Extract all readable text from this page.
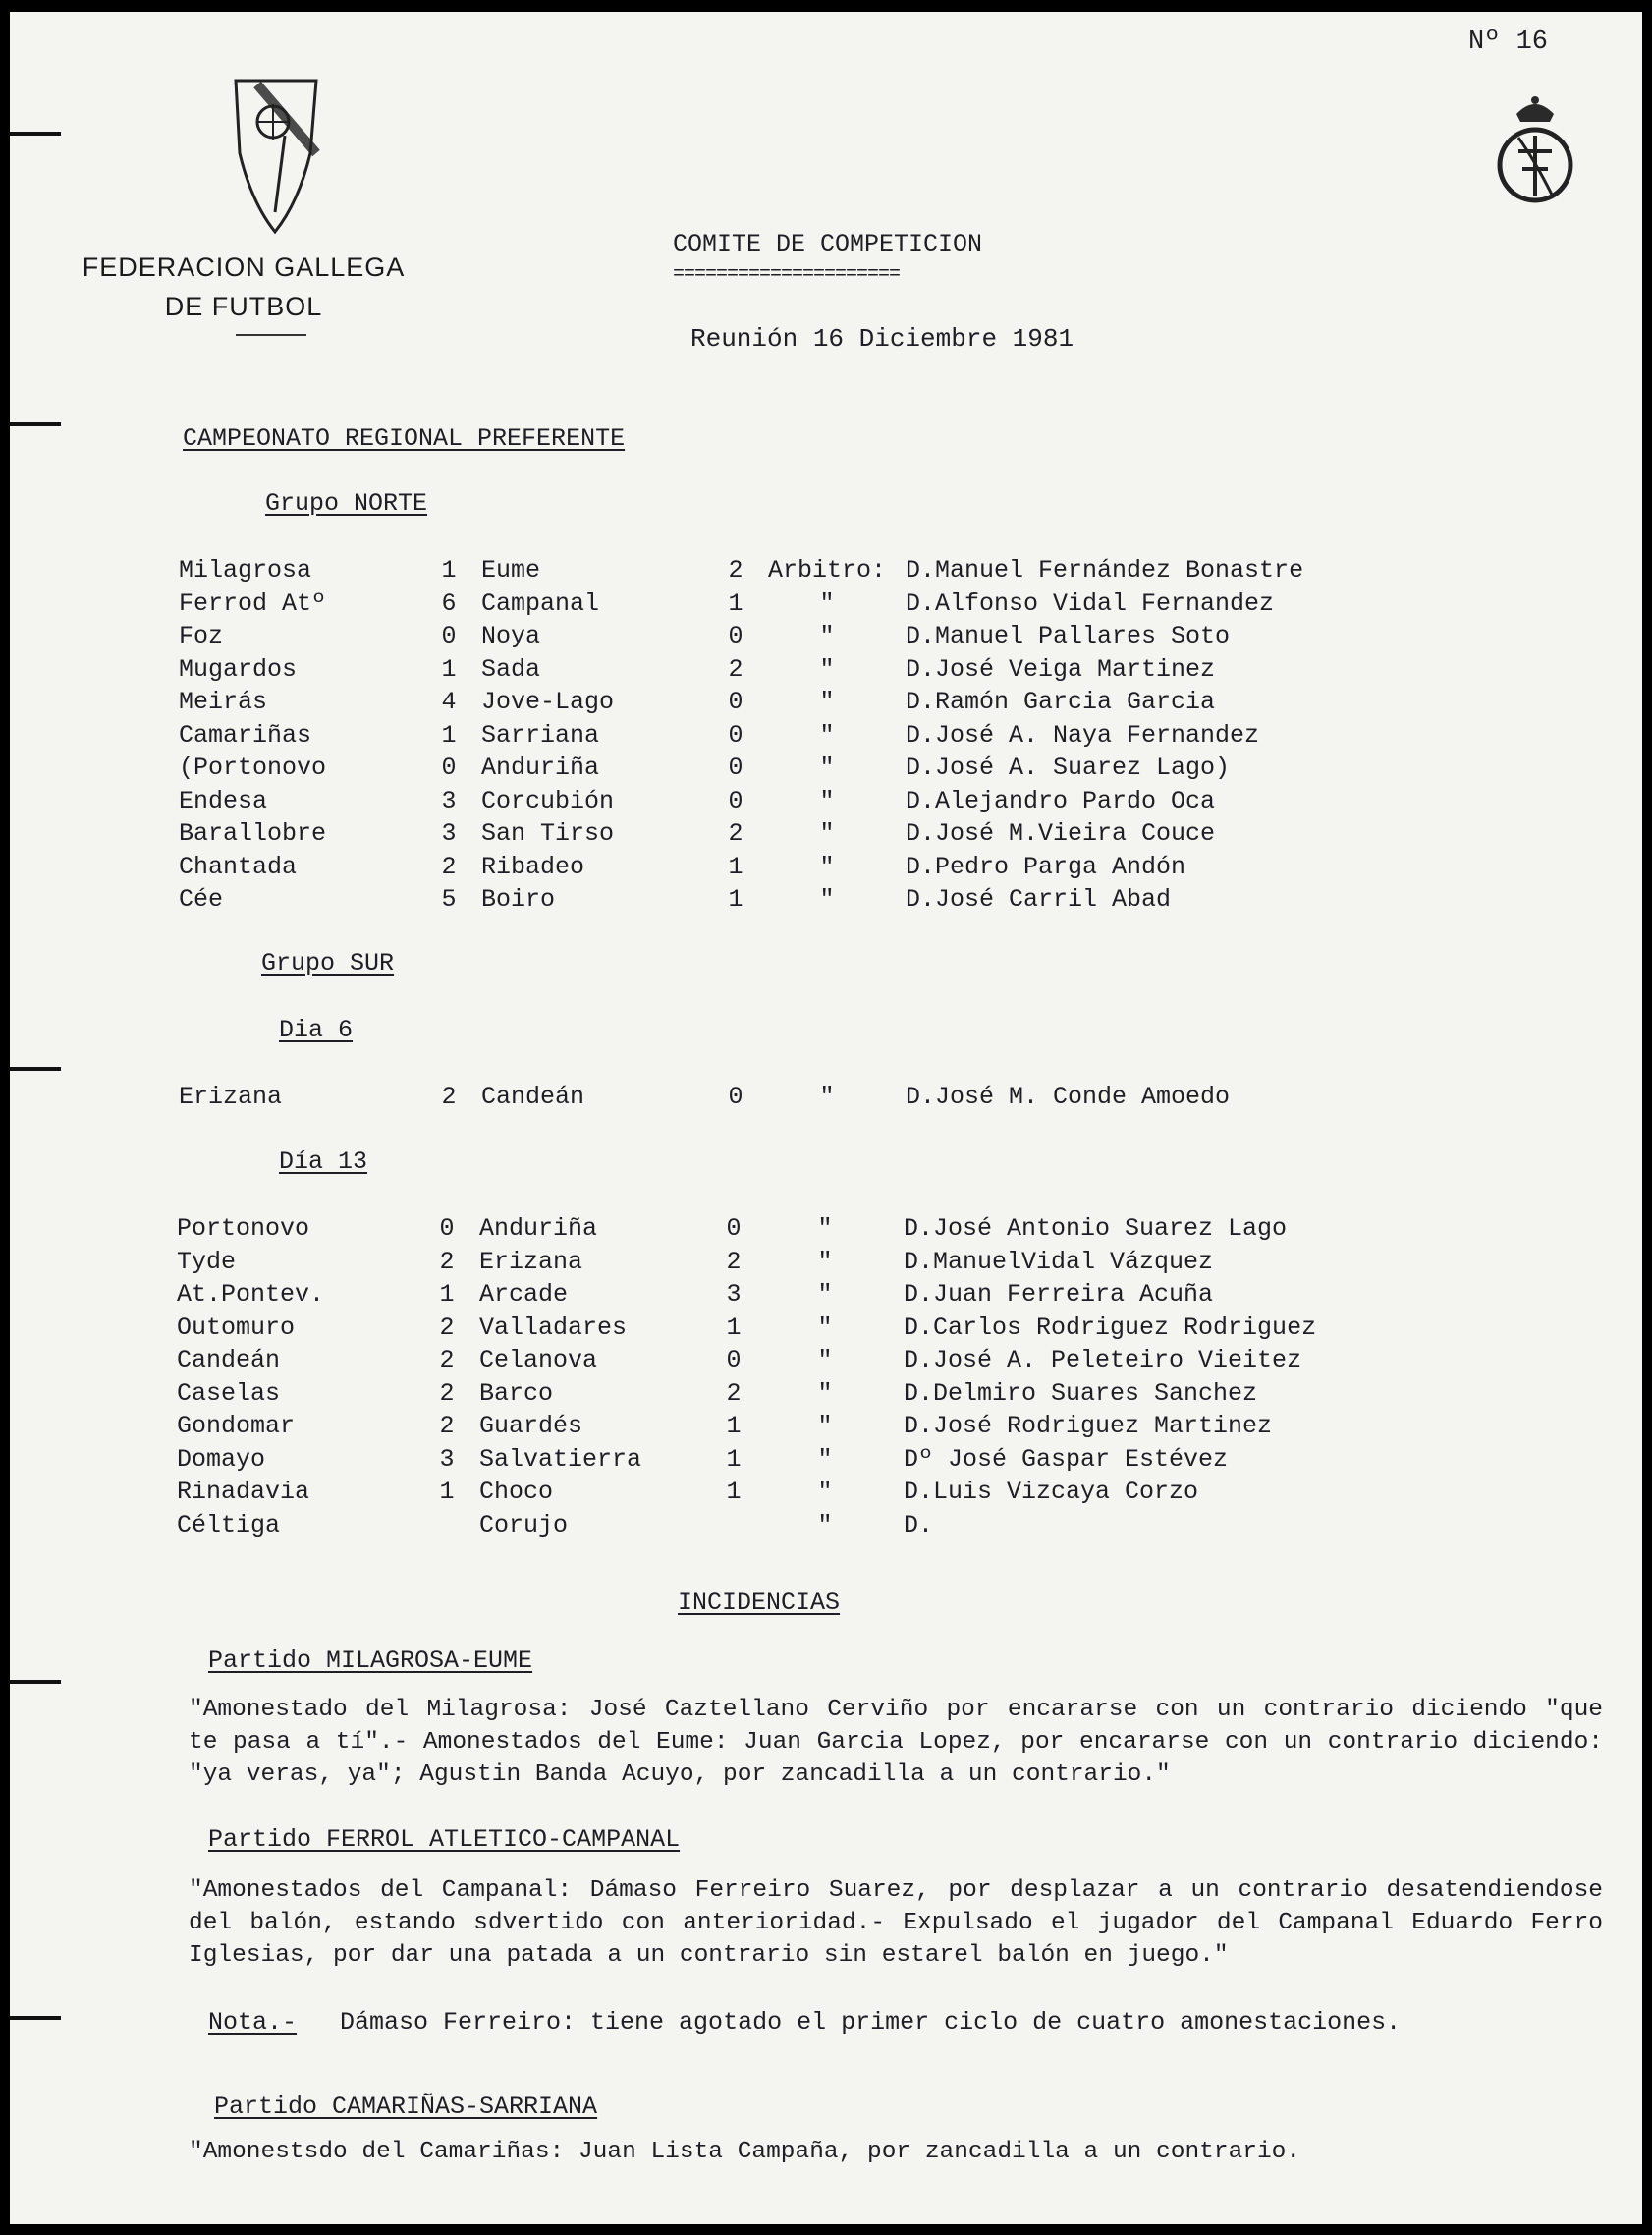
Nº 16
FEDERACION GALLEGA
DE FUTBOL
COMITE DE COMPETICION
=====================
Reunión 16 Diciembre 1981
CAMPEONATO REGIONAL PREFERENTE
Grupo NORTE
Milagrosa	1		Eume	2	Arbitro:	D.Manuel Fernández Bonastre
Ferrod Atº	6		Campanal	1	"	D.Alfonso Vidal Fernandez
Foz	0		Noya	0	"	D.Manuel Pallares Soto
Mugardos	1		Sada	2	"	D.José Veiga Martinez
Meirás	4		Jove-Lago	0	"	D.Ramón Garcia Garcia
Camariñas	1		Sarriana	0	"	D.José A. Naya Fernandez
(Portonovo	0		Anduriña	0	"	D.José A. Suarez Lago)
Endesa	3		Corcubión	0	"	D.Alejandro Pardo Oca
Barallobre	3		San Tirso	2	"	D.José M.Vieira Couce
Chantada	2		Ribadeo	1	"	D.Pedro Parga Andón
Cée	5		Boiro	1	"	D.José Carril Abad
Grupo SUR
Dia 6
Erizana	2		Candeán	0	"	D.José M. Conde Amoedo
Día 13
Portonovo	0		Anduriña	0	"	D.José Antonio Suarez Lago
Tyde	2		Erizana	2	"	D.ManuelVidal Vázquez
At.Pontev.	1		Arcade	3	"	D.Juan Ferreira Acuña
Outomuro	2		Valladares	1	"	D.Carlos Rodriguez Rodriguez
Candeán	2		Celanova	0	"	D.José A. Peleteiro Vieitez
Caselas	2		Barco	2	"	D.Delmiro Suares Sanchez
Gondomar	2		Guardés	1	"	D.José Rodriguez Martinez
Domayo	3		Salvatierra	1	"	Dº José Gaspar Estévez
Rinadavia	1		Choco	1	"	D.Luis Vizcaya Corzo
Céltiga			Corujo		"	D.
INCIDENCIAS
Partido MILAGROSA-EUME
"Amonestado del Milagrosa: José Caztellano Cerviño por encararse con un contrario diciendo "que te pasa a tí".- Amonestados del Eume: Juan Garcia Lopez, por encararse con un contrario diciendo: "ya veras, ya"; Agustin Banda Acuyo, por zancadilla a un contrario."
Partido FERROL ATLETICO-CAMPANAL
"Amonestados del Campanal: Dámaso Ferreiro Suarez, por desplazar a un contrario desatendiendose del balón, estando sdvertido con anterioridad.- Expulsado el jugador del Campanal Eduardo Ferro Iglesias, por dar una patada a un contrario sin estarel balón en juego."
Nota.- Dámaso Ferreiro: tiene agotado el primer ciclo de cuatro amonestaciones.
Partido CAMARIÑAS-SARRIANA
"Amonestsdo del Camariñas: Juan Lista Campaña, por zancadilla a un contrario.
